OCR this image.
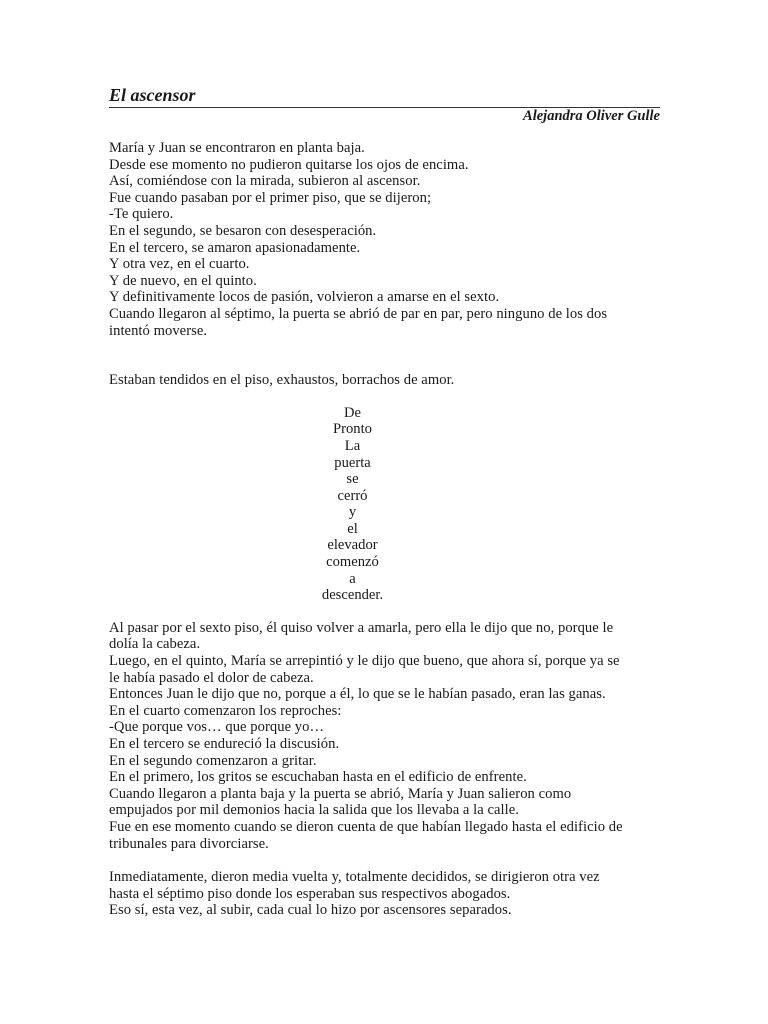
El ascensor

Alejandra Oliver Gulle

María y Juan se encontraron en planta baja.
Desde ese momento no pudieron quitarse los ojos de encima.
Así, comiéndose con la mirada, subieron al ascensor.
Fue cuando pasaban por el primer piso, que se dijeron;
-Te quiero.
En el segundo, se besaron con desesperación.
En el tercero, se amaron apasionadamente.
Y otra vez, en el cuarto.
Y de nuevo, en el quinto.
Y definitivamente locos de pasión, volvieron a amarse en el sexto.
Cuando llegaron al séptimo, la puerta se abrió de par en par, pero ninguno de los dos
intentó moverse.

Estaban tendidos en el piso, exhaustos, borrachos de amor.

De
Pronto
La
puerta
se
cerró
y
el
elevador
comenzó
a
descender.

Al pasar por el sexto piso, él quiso volver a amarla, pero ella le dijo que no, porque le
dolía la cabeza.
Luego, en el quinto, María se arrepintió y le dijo que bueno, que ahora sí, porque ya se
le había pasado el dolor de cabeza.
Entonces Juan le dijo que no, porque a él, lo que se le habían pasado, eran las ganas.
En el cuarto comenzaron los reproches:
-Que porque vos… que porque yo…
En el tercero se endureció la discusión.
En el segundo comenzaron a gritar.
En el primero, los gritos se escuchaban hasta en el edificio de enfrente.
Cuando llegaron a planta baja y la puerta se abrió, María y Juan salieron como
empujados por mil demonios hacia la salida que los llevaba a la calle.
Fue en ese momento cuando se dieron cuenta de que habían llegado hasta el edificio de
tribunales para divorciarse.

Inmediatamente, dieron media vuelta y, totalmente decididos, se dirigieron otra vez
hasta el séptimo piso donde los esperaban sus respectivos abogados.
Eso sí, esta vez, al subir, cada cual lo hizo por ascensores separados.
